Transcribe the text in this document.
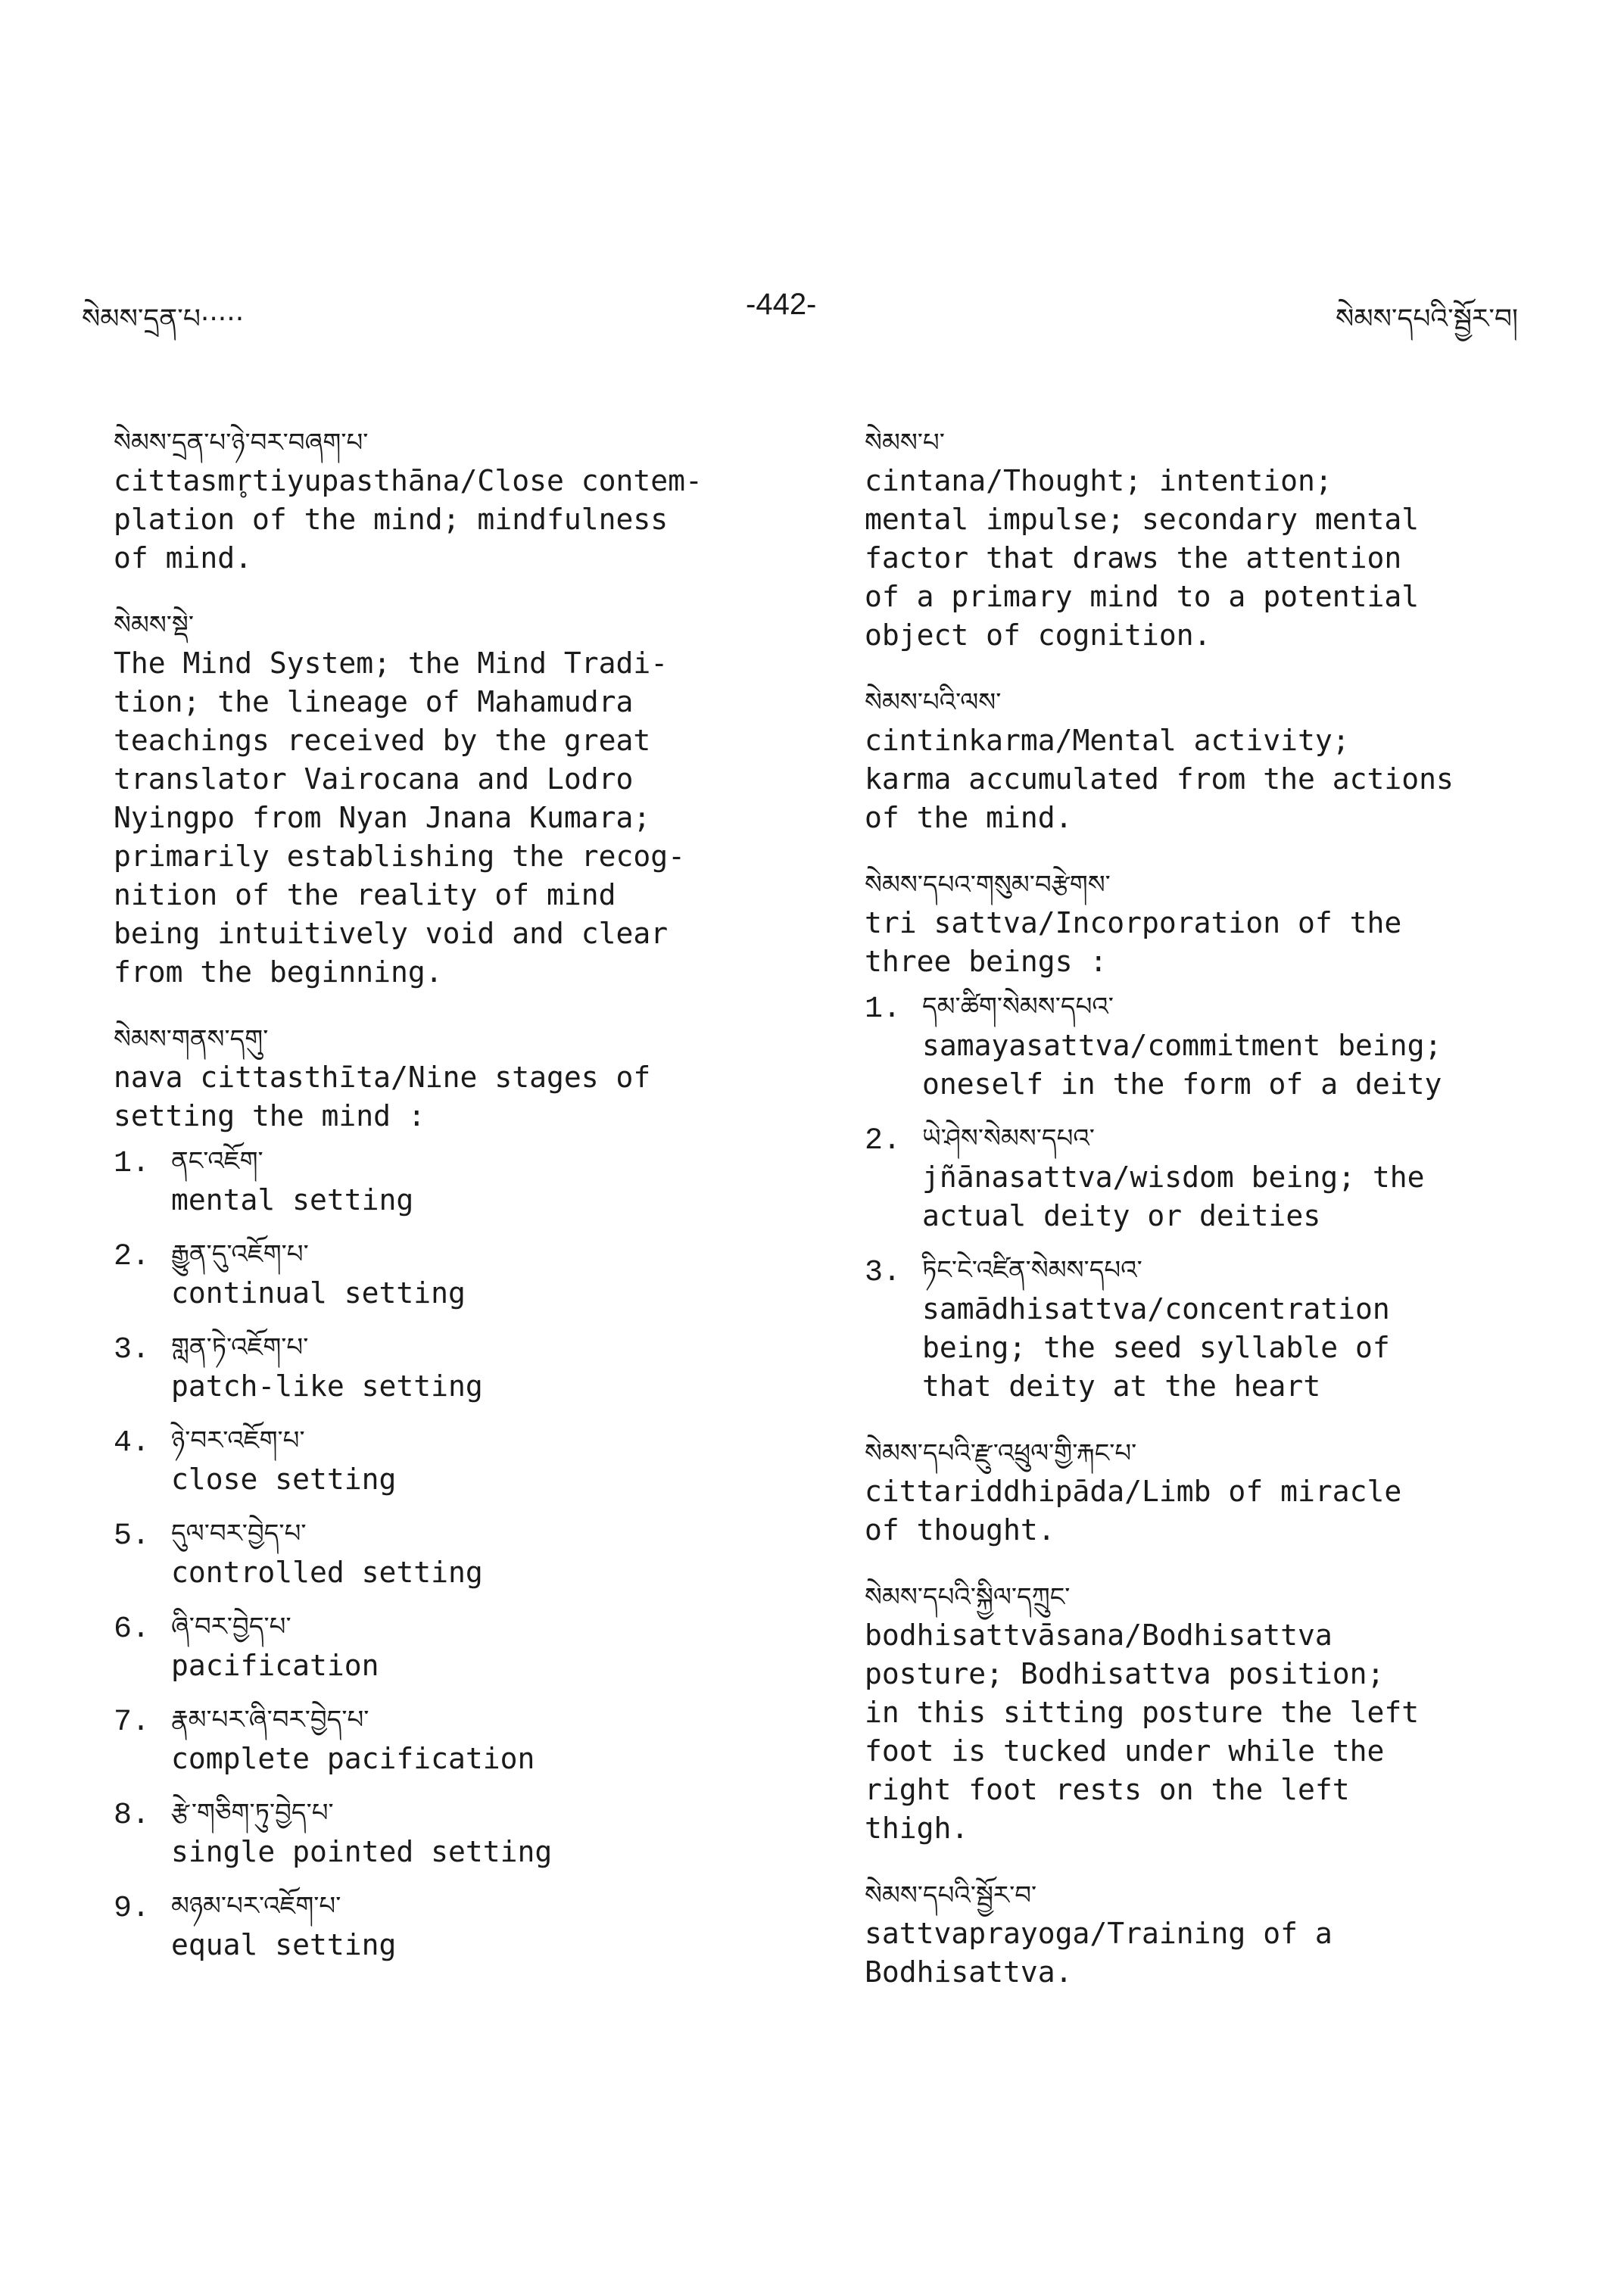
སེམས་དྲན་པ·····	-442-	སེམས་དཔའི་སྦྱོར་བ།
སེམས་དྲན་པ་ཉེ་བར་བཞག་པ་
cittasmr̥tiyupasthāna/Close contem-
plation of the mind; mindfulness
of mind.
སེམས་སྡེ་
The Mind System; the Mind Tradi-
tion; the lineage of Mahamudra
teachings received by the great
translator Vairocana and Lodro
Nyingpo from Nyan Jnana Kumara;
primarily establishing the recog-
nition of the reality of mind
being intuitively void and clear
from the beginning.
སེམས་གནས་དགུ་
nava cittasthīta/Nine stages of
setting the mind :
1. ནང་འཇོག་
mental setting
2. རྒྱུན་དུ་འཇོག་པ་
continual setting
3. གླན་ཏེ་འཇོག་པ་
patch-like setting
4. ཉེ་བར་འཇོག་པ་
close setting
5. དུལ་བར་བྱེད་པ་
controlled setting
6. ཞི་བར་བྱེད་པ་
pacification
7. རྣམ་པར་ཞི་བར་བྱེད་པ་
complete pacification
8. རྩེ་གཅིག་ཏུ་བྱེད་པ་
single pointed setting
9. མཉམ་པར་འཇོག་པ་
equal setting
སེམས་པ་
cintana/Thought; intention;
mental impulse; secondary mental
factor that draws the attention
of a primary mind to a potential
object of cognition.
སེམས་པའི་ལས་
cintinkarma/Mental activity;
karma accumulated from the actions
of the mind.
སེམས་དཔའ་གསུམ་བརྩེགས་
tri sattva/Incorporation of the
three beings :
1. དམ་ཚིག་སེམས་དཔའ་
samayasattva/commitment being;
oneself in the form of a deity
2. ཡེ་ཤེས་སེམས་དཔའ་
jñānasattva/wisdom being; the
actual deity or deities
3. ཏིང་ངེ་འཛིན་སེམས་དཔའ་
samādhisattva/concentration
being; the seed syllable of
that deity at the heart
སེམས་དཔའི་རྫུ་འཕྲུལ་གྱི་རྐང་པ་
cittariddhipāda/Limb of miracle
of thought.
སེམས་དཔའི་སྐྱིལ་དཀྲུང་
bodhisattvāsana/Bodhisattva
posture; Bodhisattva position;
in this sitting posture the left
foot is tucked under while the
right foot rests on the left
thigh.
སེམས་དཔའི་སྦྱོར་བ་
sattvaprayoga/Training of a
Bodhisattva.
